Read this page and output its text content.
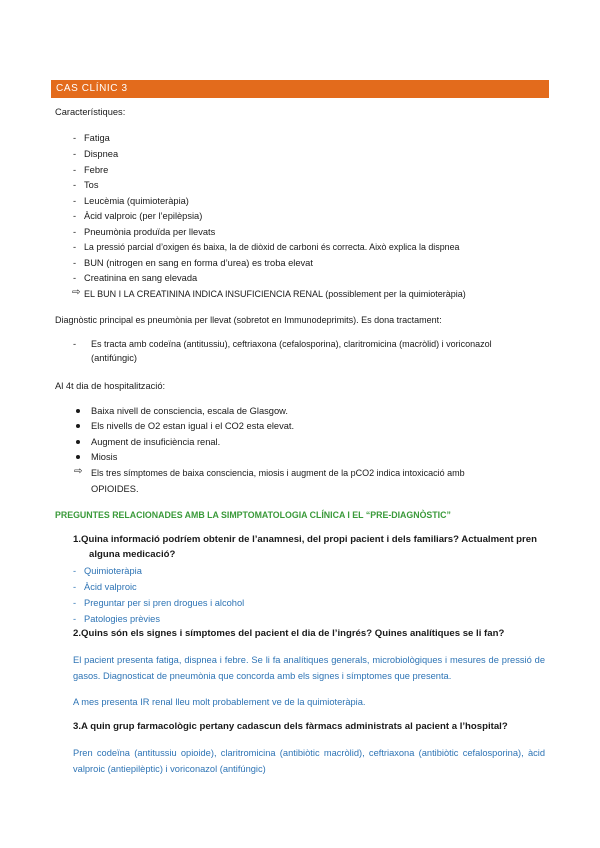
CAS CLÍNIC 3
Característiques:
- Fatiga
- Dispnea
- Febre
- Tos
- Leucèmia (quimioteràpia)
- Àcid valproic (per l’epilèpsia)
- Pneumònia produïda per llevats
- La pressió parcial d’oxigen és baixa, la de diòxid de carboni és correcta. Això explica la dispnea
- BUN (nitrogen en sang en forma d’urea) es troba elevat
- Creatinina en sang elevada
⇨ EL BUN I LA CREATININA INDICA INSUFICIENCIA RENAL (possiblement per la quimioteràpia)
Diagnòstic principal es pneumònia per llevat (sobretot en Immunodeprimits). Es dona tractament:
- Es tracta amb codeïna (antitussiu), ceftriaxona (cefalosporina), claritromicina (macròlid) i voriconazol
(antifúngic)
Al 4t dia de hospitalització:
Baixa nivell de consciencia, escala de Glasgow.
Els nivells de O2 estan igual i el CO2 esta elevat.
Augment de insuficiència renal.
Miosis
⇨ Els tres símptomes de baixa consciencia, miosis i augment de la pCO2 indica intoxicació amb
OPIOIDES.
PREGUNTES RELACIONADES AMB LA SIMPTOMATOLOGIA CLÍNICA I EL “PRE-DIAGNÒSTIC”
1.Quina informació podríem obtenir de l’anamnesi, del propi pacient i dels familiars? Actualment pren
alguna medicació?
- Quimioteràpia
- Àcid valproic
- Preguntar per si pren drogues i alcohol
- Patologies prèvies
2.Quins són els signes i símptomes del pacient el dia de l’ingrés? Quines analítiques se li fan?
El pacient presenta fatiga, dispnea i febre. Se li fa analítiques generals, microbiològiques i mesures de pressió de gasos. Diagnosticat de pneumònia que concorda amb els signes i símptomes que presenta.
A mes presenta IR renal lleu molt probablement ve de la quimioteràpia.
3.A quin grup farmacològic pertany cadascun dels fàrmacs administrats al pacient a l’hospital?
Pren codeïna (antitussiu opioide), claritromicina (antibiòtic macròlid), ceftriaxona (antibiòtic cefalosporina), àcid valproic (antiepilèptic) i voriconazol (antifúngic)
